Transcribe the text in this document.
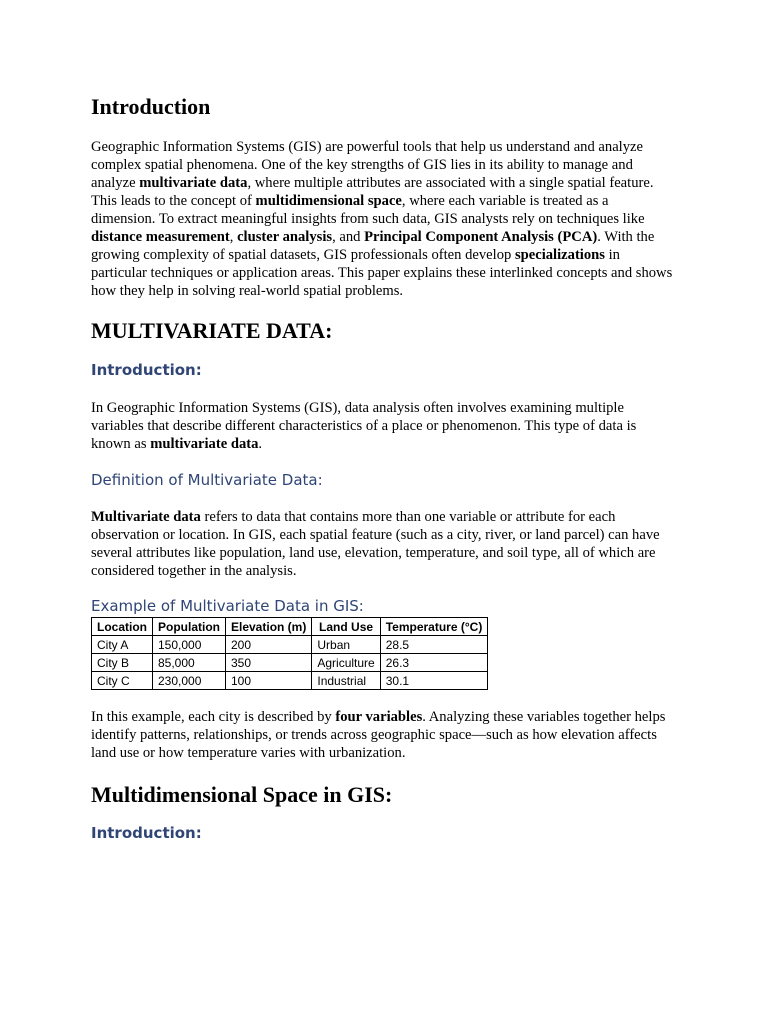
Introduction

Geographic Information Systems (GIS) are powerful tools that help us understand and analyze complex spatial phenomena. One of the key strengths of GIS lies in its ability to manage and analyze multivariate data, where multiple attributes are associated with a single spatial feature. This leads to the concept of multidimensional space, where each variable is treated as a dimension. To extract meaningful insights from such data, GIS analysts rely on techniques like distance measurement, cluster analysis, and Principal Component Analysis (PCA). With the growing complexity of spatial datasets, GIS professionals often develop specializations in particular techniques or application areas. This paper explains these interlinked concepts and shows how they help in solving real-world spatial problems.

MULTIVARIATE DATA:
Introduction:

In Geographic Information Systems (GIS), data analysis often involves examining multiple variables that describe different characteristics of a place or phenomenon. This type of data is known as multivariate data.

Definition of Multivariate Data:

Multivariate data refers to data that contains more than one variable or attribute for each observation or location. In GIS, each spatial feature (such as a city, river, or land parcel) can have several attributes like population, land use, elevation, temperature, and soil type, all of which are considered together in the analysis.

Example of Multivariate Data in GIS:
Location	Population	Elevation (m)	Land Use	Temperature (°C)
City A	150,000	200	Urban	28.5
City B	85,000	350	Agriculture	26.3
City C	230,000	100	Industrial	30.1

In this example, each city is described by four variables. Analyzing these variables together helps identify patterns, relationships, or trends across geographic space—such as how elevation affects land use or how temperature varies with urbanization.

Multidimensional Space in GIS:
Introduction:
